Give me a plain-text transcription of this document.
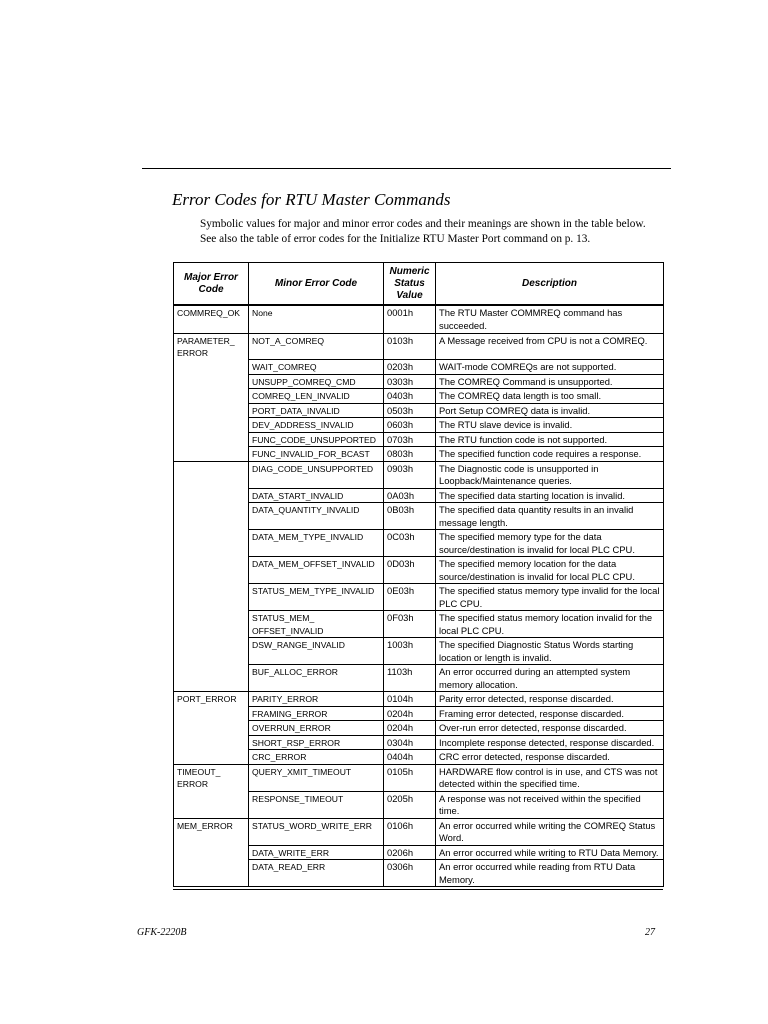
Error Codes for RTU Master Commands
Symbolic values for major and minor error codes and their meanings are shown in the table below. See also the table of error codes for the Initialize RTU Master Port command on p. 13.
Major Error Code	Minor Error Code	Numeric Status Value	Description
COMMREQ_OK	None	0001h	The RTU Master COMMREQ command has succeeded.
PARAMETER_ ERROR	NOT_A_COMREQ	0103h	A Message received from CPU is not a COMREQ.
	WAIT_COMREQ	0203h	WAIT-mode COMREQs are not supported.
	UNSUPP_COMREQ_CMD	0303h	The COMREQ Command is unsupported.
	COMREQ_LEN_INVALID	0403h	The COMREQ data length is too small.
	PORT_DATA_INVALID	0503h	Port Setup COMREQ data is invalid.
	DEV_ADDRESS_INVALID	0603h	The RTU slave device is invalid.
	FUNC_CODE_UNSUPPORTED	0703h	The RTU function code is not supported.
	FUNC_INVALID_FOR_BCAST	0803h	The specified function code requires a response.
	DIAG_CODE_UNSUPPORTED	0903h	The Diagnostic code is unsupported in Loopback/Maintenance queries.
	DATA_START_INVALID	0A03h	The specified data starting location is invalid.
	DATA_QUANTITY_INVALID	0B03h	The specified data quantity results in an invalid message length.
	DATA_MEM_TYPE_INVALID	0C03h	The specified memory type for the data source/destination is invalid for local PLC CPU.
	DATA_MEM_OFFSET_INVALID	0D03h	The specified memory location for the data source/destination is invalid for local PLC CPU.
	STATUS_MEM_TYPE_INVALID	0E03h	The specified status memory type invalid for the local PLC CPU.
	STATUS_MEM_ OFFSET_INVALID	0F03h	The specified status memory location invalid for the local PLC CPU.
	DSW_RANGE_INVALID	1003h	The specified Diagnostic Status Words starting location or length is invalid.
	BUF_ALLOC_ERROR	1103h	An error occurred during an attempted system memory allocation.
PORT_ERROR	PARITY_ERROR	0104h	Parity error detected, response discarded.
	FRAMING_ERROR	0204h	Framing error detected, response discarded.
	OVERRUN_ERROR	0204h	Over-run error detected, response discarded.
	SHORT_RSP_ERROR	0304h	Incomplete response detected, response discarded.
	CRC_ERROR	0404h	CRC error detected, response discarded.
TIMEOUT_ ERROR	QUERY_XMIT_TIMEOUT	0105h	HARDWARE flow control is in use, and CTS was not detected within the specified time.
	RESPONSE_TIMEOUT	0205h	A response was not received within the specified time.
MEM_ERROR	STATUS_WORD_WRITE_ERR	0106h	An error occurred while writing the COMREQ Status Word.
	DATA_WRITE_ERR	0206h	An error occurred while writing to RTU Data Memory.
	DATA_READ_ERR	0306h	An error occurred while reading from RTU Data Memory.
GFK-2220B	27
